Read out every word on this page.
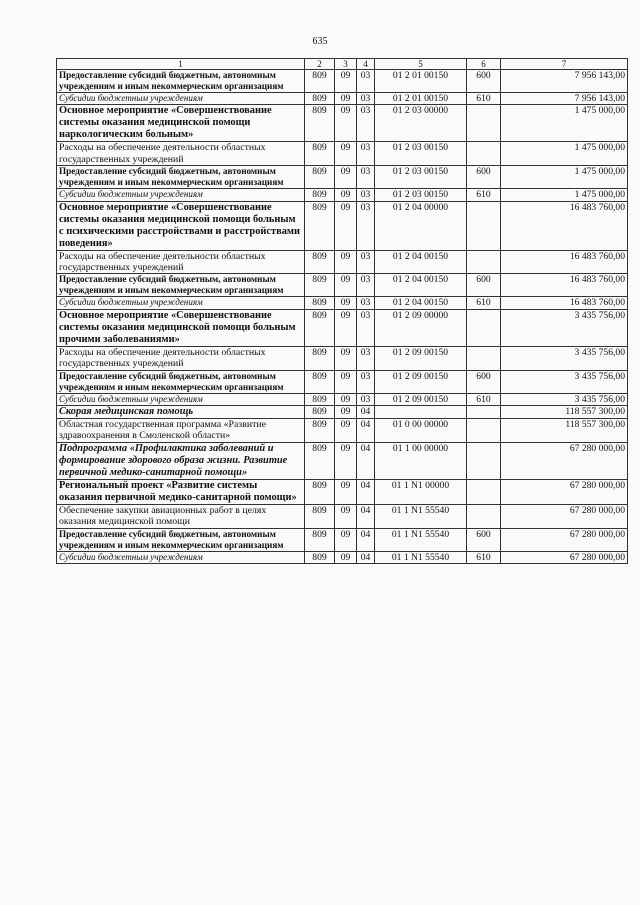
635
1	2	3	4	5	6	7
Предоставление субсидий бюджетным, автономным учреждениям и иным некоммерческим организациям	809	09	03	01 2 01 00150	600	7 956 143,00
Субсидии бюджетным учреждениям	809	09	03	01 2 01 00150	610	7 956 143,00
Основное мероприятие «Совершенствование системы оказания медицинской помощи наркологическим больным»	809	09	03	01 2 03 00000		1 475 000,00
Расходы на обеспечение деятельности областных государственных учреждений	809	09	03	01 2 03 00150		1 475 000,00
Предоставление субсидий бюджетным, автономным учреждениям и иным некоммерческим организациям	809	09	03	01 2 03 00150	600	1 475 000,00
Субсидии бюджетным учреждениям	809	09	03	01 2 03 00150	610	1 475 000,00
Основное мероприятие «Совершенствование системы оказания медицинской помощи больным с психическими расстройствами и расстройствами поведения»	809	09	03	01 2 04 00000		16 483 760,00
Расходы на обеспечение деятельности областных государственных учреждений	809	09	03	01 2 04 00150		16 483 760,00
Предоставление субсидий бюджетным, автономным учреждениям и иным некоммерческим организациям	809	09	03	01 2 04 00150	600	16 483 760,00
Субсидии бюджетным учреждениям	809	09	03	01 2 04 00150	610	16 483 760,00
Основное мероприятие «Совершенствование системы оказания медицинской помощи больным прочими заболеваниями»	809	09	03	01 2 09 00000		3 435 756,00
Расходы на обеспечение деятельности областных государственных учреждений	809	09	03	01 2 09 00150		3 435 756,00
Предоставление субсидий бюджетным, автономным учреждениям и иным некоммерческим организациям	809	09	03	01 2 09 00150	600	3 435 756,00
Субсидии бюджетным учреждениям	809	09	03	01 2 09 00150	610	3 435 756,00
Скорая медицинская помощь	809	09	04			118 557 300,00
Областная государственная программа «Развитие здравоохранения в Смоленской области»	809	09	04	01 0 00 00000		118 557 300,00
Подпрограмма «Профилактика заболеваний и формирование здорового образа жизни. Развитие первичной медико-санитарной помощи»	809	09	04	01 1 00 00000		67 280 000,00
Региональный проект «Развитие системы оказания первичной медико-санитарной помощи»	809	09	04	01 1 N1 00000		67 280 000,00
Обеспечение закупки авиационных работ в целях оказания медицинской помощи	809	09	04	01 1 N1 55540		67 280 000,00
Предоставление субсидий бюджетным, автономным учреждениям и иным некоммерческим организациям	809	09	04	01 1 N1 55540	600	67 280 000,00
Субсидии бюджетным учреждениям	809	09	04	01 1 N1 55540	610	67 280 000,00
